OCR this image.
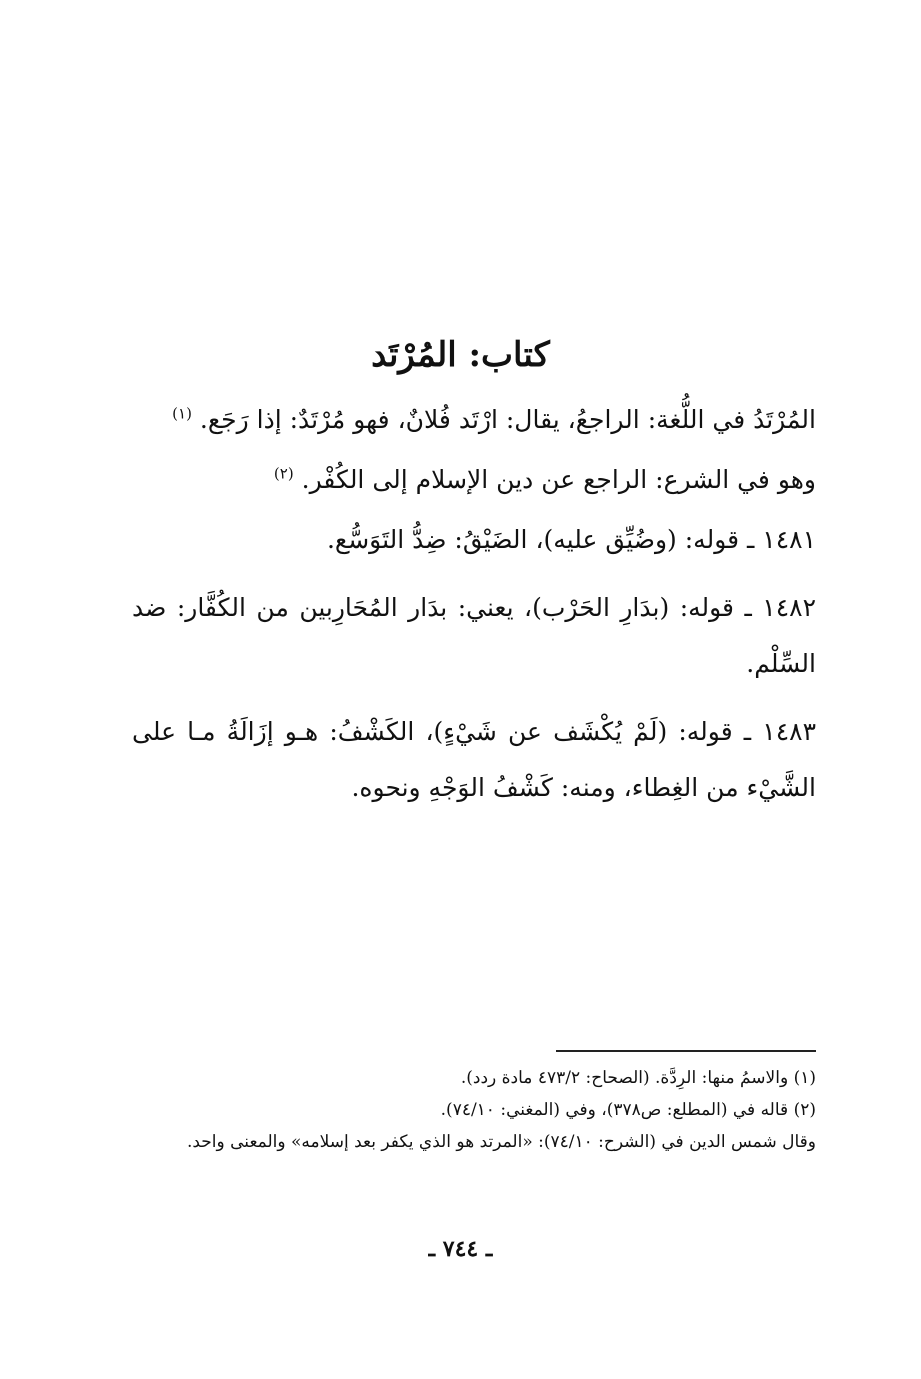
كتاب: المُرْتَد

المُرْتَدُ في اللُّغة: الراجعُ، يقال: ارْتَد فُلانٌ، فهو مُرْتَدٌ: إذا رَجَع. $^{(١)}$

وهو في الشرع: الراجع عن دين الإسلام إلى الكُفْر. $^{(٢)}$

١٤٨١ ـ قوله: (وضُيِّق عليه)، الضَيْقُ: ضِدُّ التَوَسُّع.

١٤٨٢ ـ قوله: (بدَارِ الحَرْب)، يعني: بدَار المُحَارِبين من الكُفَّار: ضد السِّلْم.

١٤٨٣ ـ قوله: (لَمْ يُكْشَف عن شَيْءٍ)، الكَشْفُ: هـو إزَالَةُ مـا على الشَّيْء من الغِطاء، ومنه: كَشْفُ الوَجْهِ ونحوه.

(١) والاسمُ منها: الرِدَّة. (الصحاح: ٤٧٣/٢ مادة ردد).

(٢) قاله في (المطلع: ص٣٧٨)، وفي (المغني: ٧٤/١٠).

وقال شمس الدين في (الشرح: ٧٤/١٠): «المرتد هو الذي يكفر بعد إسلامه» والمعنى واحد.

ـ ٧٤٤ ـ
